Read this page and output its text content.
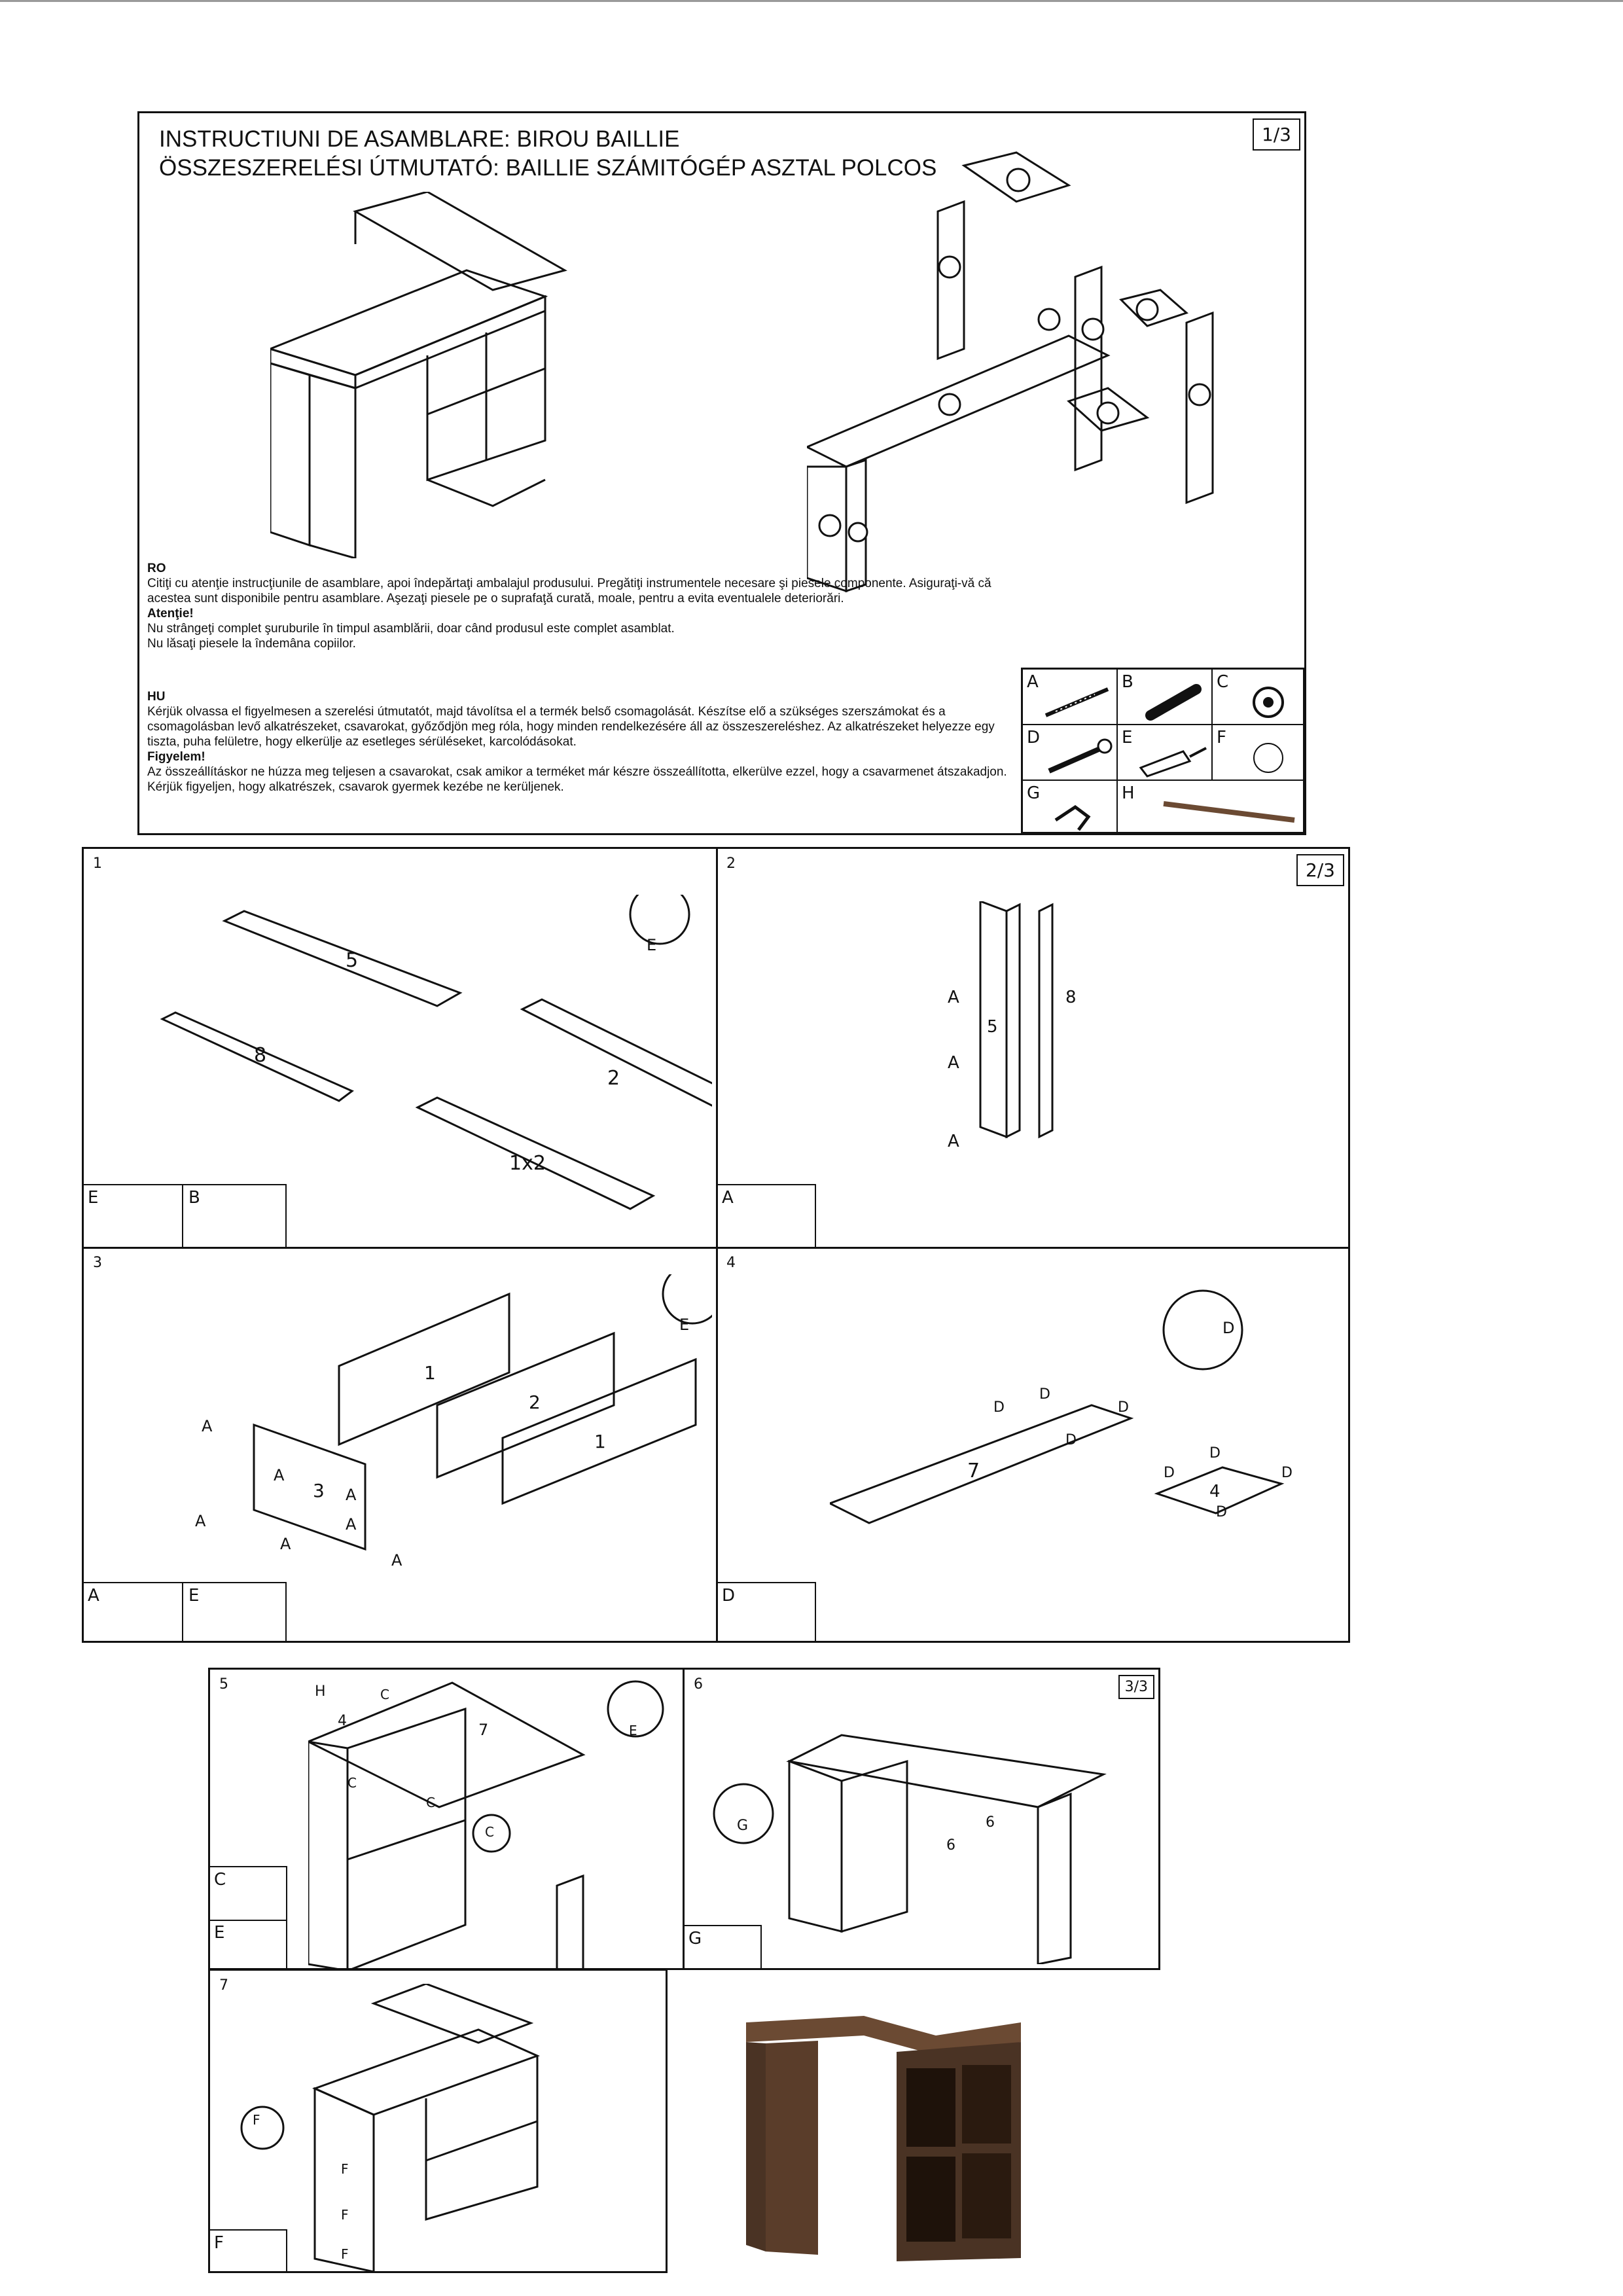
INSTRUCTIUNI DE ASAMBLARE: BIROU BAILLIE
ÖSSZESZERELÉSI ÚTMUTATÓ: BAILLIE SZÁMITÓGÉP ASZTAL POLCOS
1/3
RO
Citiţi cu atenţie instrucţiunile de asamblare, apoi îndepărtaţi ambalajul produsului. Pregătiţi instrumentele necesare şi piesele componente. Asiguraţi-vă că acestea sunt disponibile pentru asamblare. Aşezaţi piesele pe o suprafaţă curată, moale, pentru a evita eventualele deteriorări.
Atenţie!
Nu strângeţi complet şuruburile în timpul asamblării, doar când produsul este complet asamblat.
Nu lăsaţi piesele la îndemâna copiilor.
HU
Kérjük olvassa el figyelmesen a szerelési útmutatót, majd távolítsa el a termék belső csomagolását. Készítse elő a szükséges szerszámokat és a csomagolásban levő alkatrészeket, csavarokat, győződjön meg róla, hogy minden rendelkezésére áll az összeszereléshez. Az alkatrészeket helyezze egy tiszta, puha felületre, hogy elkerülje az esetleges sérüléseket, karcolódásokat.
Figyelem!
Az összeállításkor ne húzza meg teljesen a csavarokat, csak amikor a terméket már készre összeállította, elkerülve ezzel, hogy a csavarmenet átszakadjon.
Kérjük figyeljen, hogy alkatrészek, csavarok gyermek kezébe ne kerüljenek.
A	B	C
D	E	F
G	H
2/3
1
5
8
2
1x2
E
E	B
2
A
5
8
A
A
A
3
1
2
1
3
A
A
A
A
A
A
A
E
A	E
4
7
4
D
D
D
D
D
D
D
D
D
D
5	H
4	7
C
C
C
C
E
C
E
6	3/3
G
6
6
G
7
F
F
F
F
F
